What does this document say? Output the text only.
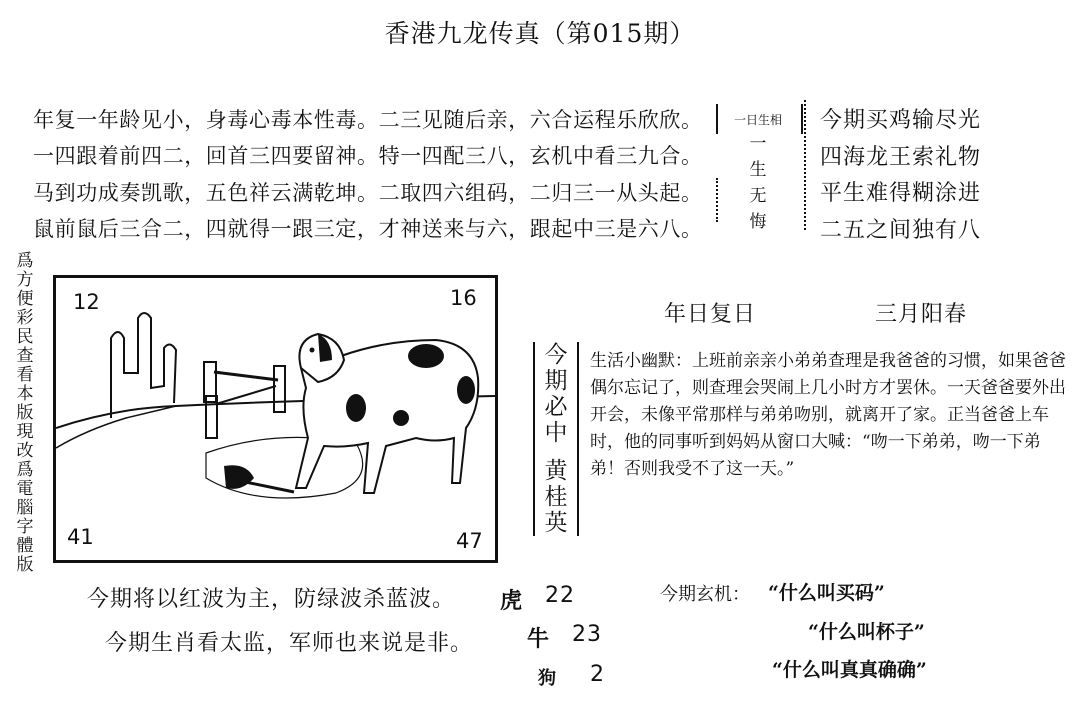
香港九龙传真（第015期）
年复一年龄见小，身毒心毒本性毒。二三见随后亲，六合运程乐欣欣。
一四跟着前四二，回首三四要留神。特一四配三八，玄机中看三九合。
马到功成奏凯歌，五色祥云满乾坤。二取四六组码，二归三一从头起。
鼠前鼠后三合二，四就得一跟三定，才神送来与六，跟起中三是六八。
一日生相
一
生
无
悔
今期买鸡输尽光
四海龙王索礼物
平生难得糊涂进
二五之间独有八
爲方便彩民查看本版現改爲電腦字體版
12	16
41	47
年日复日	三月阳春
今
期
必
中
黄
桂
英
生活小幽默：上班前亲亲小弟弟查理是我爸爸的习惯，如果爸爸偶尔忘记了，则查理会哭闹上几小时方才罢休。一天爸爸要外出开会，未像平常那样与弟弟吻别，就离开了家。正当爸爸上车时，他的同事听到妈妈从窗口大喊：“吻一下弟弟，吻一下弟弟！否则我受不了这一天。”
今期将以红波为主，防绿波杀蓝波。
今期生肖看太监，军师也来说是非。
虎 22
牛 23
狗 2
今期玄机： “什么叫买码”
“什么叫杯子”
“什么叫真真确确”
